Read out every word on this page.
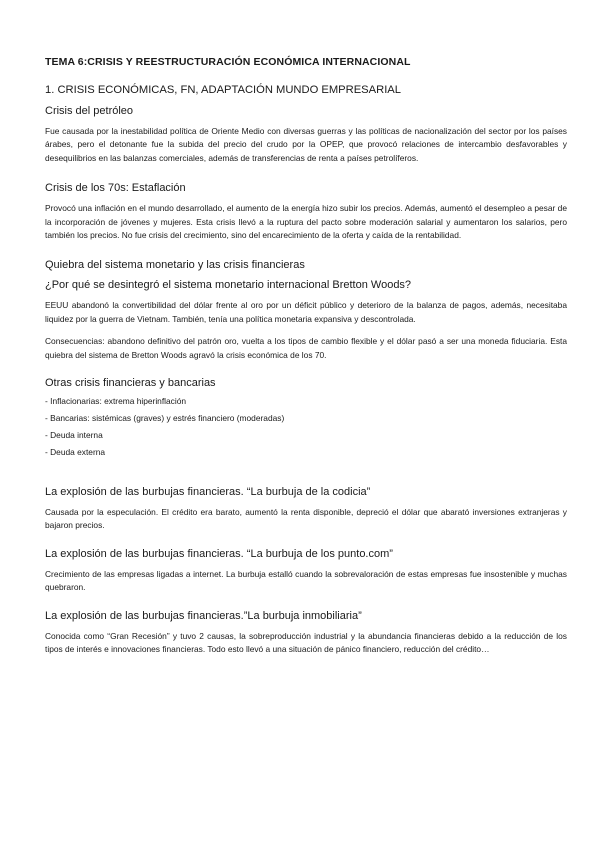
TEMA 6:CRISIS Y REESTRUCTURACIÓN ECONÓMICA INTERNACIONAL
1. CRISIS ECONÓMICAS, FN, ADAPTACIÓN MUNDO EMPRESARIAL
Crisis del petróleo

Fue causada por la inestabilidad política de Oriente Medio con diversas guerras y las políticas de nacionalización del sector por los países árabes, pero el detonante fue la subida del precio del crudo por la OPEP, que provocó relaciones de intercambio desfavorables y desequilibrios en las balanzas comerciales, además de transferencias de renta a países petrolíferos.

Crisis de los 70s: Estaflación

Provocó una inflación en el mundo desarrollado, el aumento de la energía hizo subir los precios. Además, aumentó el desempleo a pesar de la incorporación de jóvenes y mujeres. Esta crisis llevó a la ruptura del pacto sobre moderación salarial y aumentaron los salarios, pero también los precios. No fue crisis del crecimiento, sino del encarecimiento de la oferta y caída de la rentabilidad.

Quiebra del sistema monetario y las crisis financieras
¿Por qué se desintegró el sistema monetario internacional Bretton Woods?

EEUU abandonó la convertibilidad del dólar frente al oro por un déficit público y deterioro de la balanza de pagos, además, necesitaba liquidez por la guerra de Vietnam. También, tenía una política monetaria expansiva y descontrolada.

Consecuencias: abandono definitivo del patrón oro, vuelta a los tipos de cambio flexible y el dólar pasó a ser una moneda fiduciaria. Esta quiebra del sistema de Bretton Woods agravó la crisis económica de los 70.

Otras crisis financieras y bancarias
- Inflacionarias: extrema hiperinflación
- Bancarias: sistémicas (graves) y estrés financiero (moderadas)
- Deuda interna
- Deuda externa
La explosión de las burbujas financieras. “La burbuja de la codicia”

Causada por la especulación. El crédito era barato, aumentó la renta disponible, depreció el dólar que abarató inversiones extranjeras y bajaron precios.

La explosión de las burbujas financieras. “La burbuja de los punto.com”

Crecimiento de las empresas ligadas a internet. La burbuja estalló cuando la sobrevaloración de estas empresas fue insostenible y muchas quebraron.

La explosión de las burbujas financieras.”La burbuja inmobiliaria”

Conocida como “Gran Recesión” y tuvo 2 causas, la sobreproducción industrial y la abundancia financieras debido a la reducción de los tipos de interés e innovaciones financieras. Todo esto llevó a una situación de pánico financiero, reducción del crédito…
